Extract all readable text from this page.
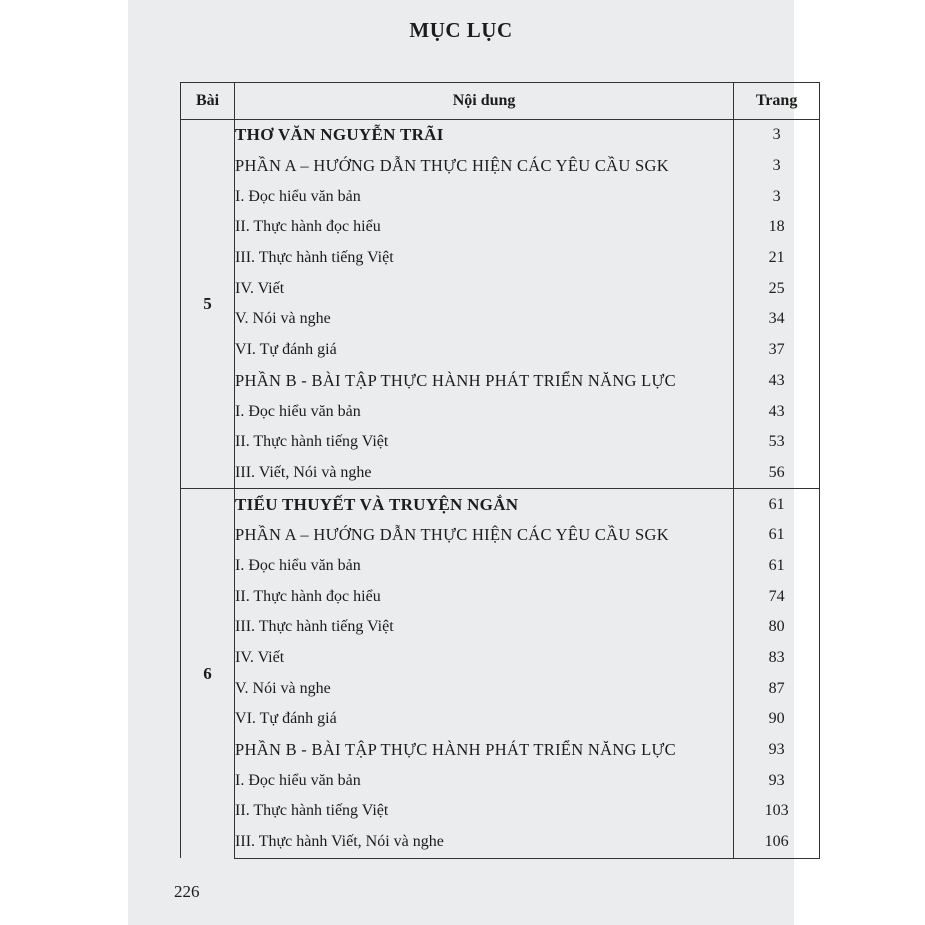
MỤC LỤC
Bài	Nội dung	Trang
5	THƠ VĂN NGUYỄN TRÃI	3
	PHẦN A – HƯỚNG DẪN THỰC HIỆN CÁC YÊU CẦU SGK	3
	I. Đọc hiểu văn bản	3
	II. Thực hành đọc hiểu	18
	III. Thực hành tiếng Việt	21
	IV. Viết	25
	V. Nói và nghe	34
	VI. Tự đánh giá	37
	PHẦN B - BÀI TẬP THỰC HÀNH PHÁT TRIỂN NĂNG LỰC	43
	I. Đọc hiểu văn bản	43
	II. Thực hành tiếng Việt	53
	III. Viết, Nói và nghe	56
6	TIỂU THUYẾT VÀ TRUYỆN NGẮN	61
	PHẦN A – HƯỚNG DẪN THỰC HIỆN CÁC YÊU CẦU SGK	61
	I. Đọc hiểu văn bản	61
	II. Thực hành đọc hiểu	74
	III. Thực hành tiếng Việt	80
	IV. Viết	83
	V. Nói và nghe	87
	VI. Tự đánh giá	90
	PHẦN B - BÀI TẬP THỰC HÀNH PHÁT TRIỂN NĂNG LỰC	93
	I. Đọc hiểu văn bản	93
	II. Thực hành tiếng Việt	103
	III. Thực hành Viết, Nói và nghe	106
226
